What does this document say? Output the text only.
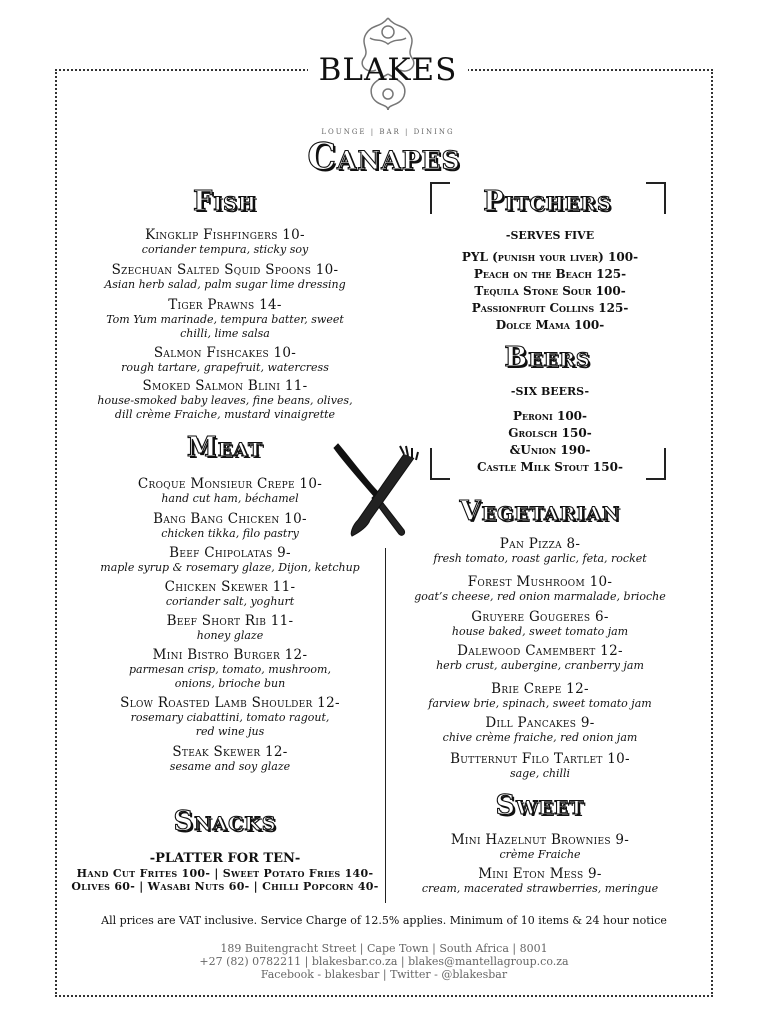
BLAKES
LOUNGE | BAR | DINING
Canapes
Fish
Kingklip Fishfingers 10-
coriander tempura, sticky soy
Szechuan Salted Squid Spoons 10-
Asian herb salad, palm sugar lime dressing
Tiger Prawns 14-
Tom Yum marinade, tempura batter, sweet
chilli, lime salsa
Salmon Fishcakes 10-
rough tartare, grapefruit, watercress
Smoked Salmon Blini 11-
house-smoked baby leaves, fine beans, olives,
dill crème Fraiche, mustard vinaigrette
Meat
Croque Monsieur Crepe 10-
hand cut ham, béchamel
Bang Bang Chicken 10-
chicken tikka, filo pastry
Beef Chipolatas 9-
maple syrup & rosemary glaze, Dijon, ketchup
Chicken Skewer 11-
coriander salt, yoghurt
Beef Short Rib 11-
honey glaze
Mini Bistro Burger 12-
parmesan crisp, tomato, mushroom,
onions, brioche bun
Slow Roasted Lamb Shoulder 12-
rosemary ciabattini, tomato ragout,
red wine jus
Steak Skewer 12-
sesame and soy glaze
Snacks
-PLATTER FOR TEN-
Hand Cut Frites 100- | Sweet Potato Fries 140-
Olives 60- | Wasabi Nuts 60- | Chilli Popcorn 40-
Pitchers
-SERVES FIVE
PYL (punish your liver) 100-
Peach on the Beach 125-
Tequila Stone Sour 100-
Passionfruit Collins 125-
Dolce Mama 100-
Beers
-SIX BEERS-
Peroni 100-
Grolsch 150-
&Union 190-
Castle Milk Stout 150-
Vegetarian
Pan Pizza 8-
fresh tomato, roast garlic, feta, rocket
Forest Mushroom 10-
goat’s cheese, red onion marmalade, brioche
Gruyere Gougeres 6-
house baked, sweet tomato jam
Dalewood Camembert 12-
herb crust, aubergine, cranberry jam
Brie Crepe 12-
farview brie, spinach, sweet tomato jam
Dill Pancakes 9-
chive crème fraiche, red onion jam
Butternut Filo Tartlet 10-
sage, chilli
Sweet
Mini Hazelnut Brownies 9-
crème Fraiche
Mini Eton Mess 9-
cream, macerated strawberries, meringue
All prices are VAT inclusive. Service Charge of 12.5% applies. Minimum of 10 items & 24 hour notice
189 Buitengracht Street | Cape Town | South Africa | 8001
+27 (82) 0782211 | blakesbar.co.za | blakes@mantellagroup.co.za
Facebook - blakesbar | Twitter - @blakesbar
